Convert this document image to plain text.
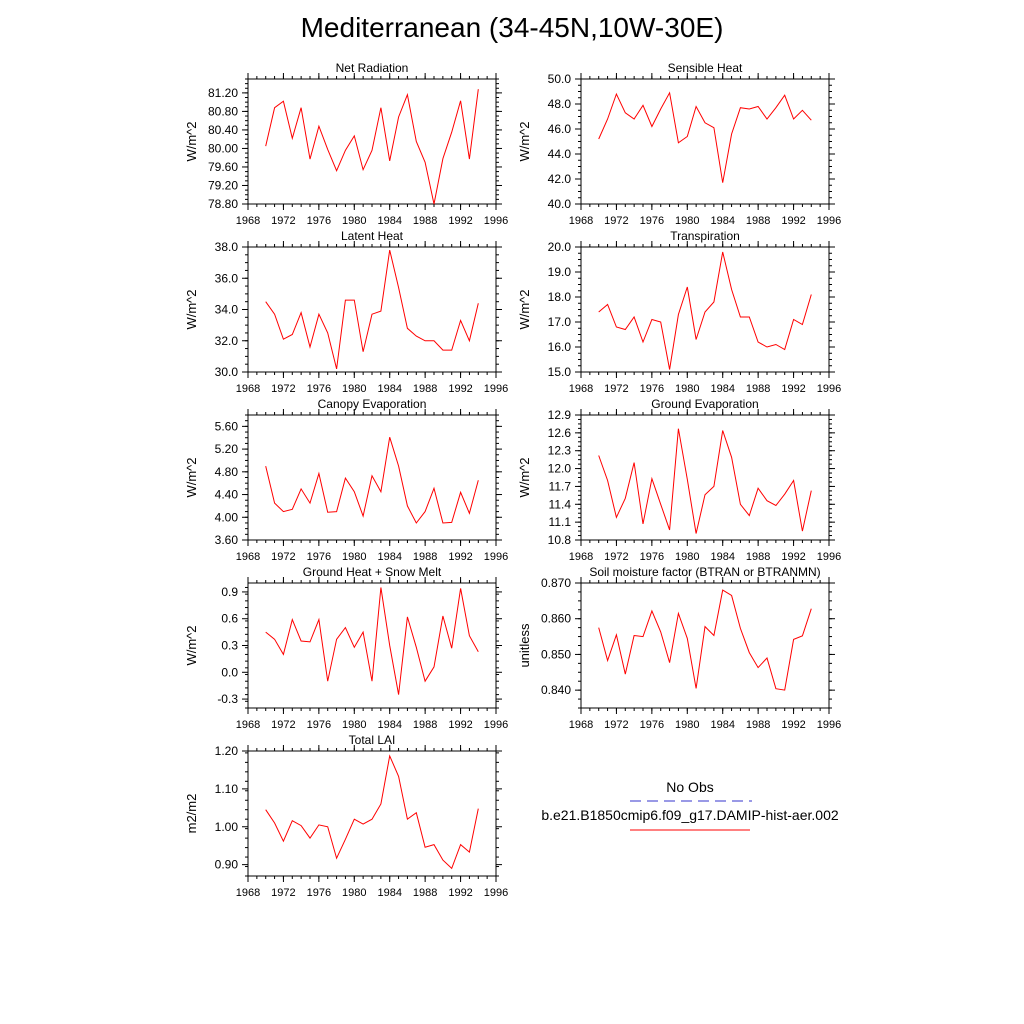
Mediterranean (34-45N,10W-30E)
78.80
79.20
79.60
80.00
80.40
80.80
81.20
1968 1972 1976 1980 1984 1988 1992 1996
Net Radiation
W/m^2
40.0
42.0
44.0
46.0
48.0
50.0
1968 1972 1976 1980 1984 1988 1992 1996
Sensible Heat
W/m^2
30.0
32.0
34.0
36.0
38.0
1968 1972 1976 1980 1984 1988 1992 1996
Latent Heat
W/m^2
15.0
16.0
17.0
18.0
19.0
20.0
1968 1972 1976 1980 1984 1988 1992 1996
Transpiration
W/m^2
3.60
4.00
4.40
4.80
5.20
5.60
1968 1972 1976 1980 1984 1988 1992 1996
Canopy Evaporation
W/m^2
10.8
11.1
11.4
11.7
12.0
12.3
12.6
12.9
1968 1972 1976 1980 1984 1988 1992 1996
Ground Evaporation
W/m^2
-0.3
0.0
0.3
0.6
0.9
1968 1972 1976 1980 1984 1988 1992 1996
Ground Heat + Snow Melt
W/m^2
0.840
0.850
0.860
0.870
1968 1972 1976 1980 1984 1988 1992 1996
Soil moisture factor (BTRAN or BTRANMN)
unitless
0.90
1.00
1.10
1.20
1968 1972 1976 1980 1984 1988 1992 1996
Total LAI
m2/m2
No Obs
b.e21.B1850cmip6.f09_g17.DAMIP-hist-aer.002
